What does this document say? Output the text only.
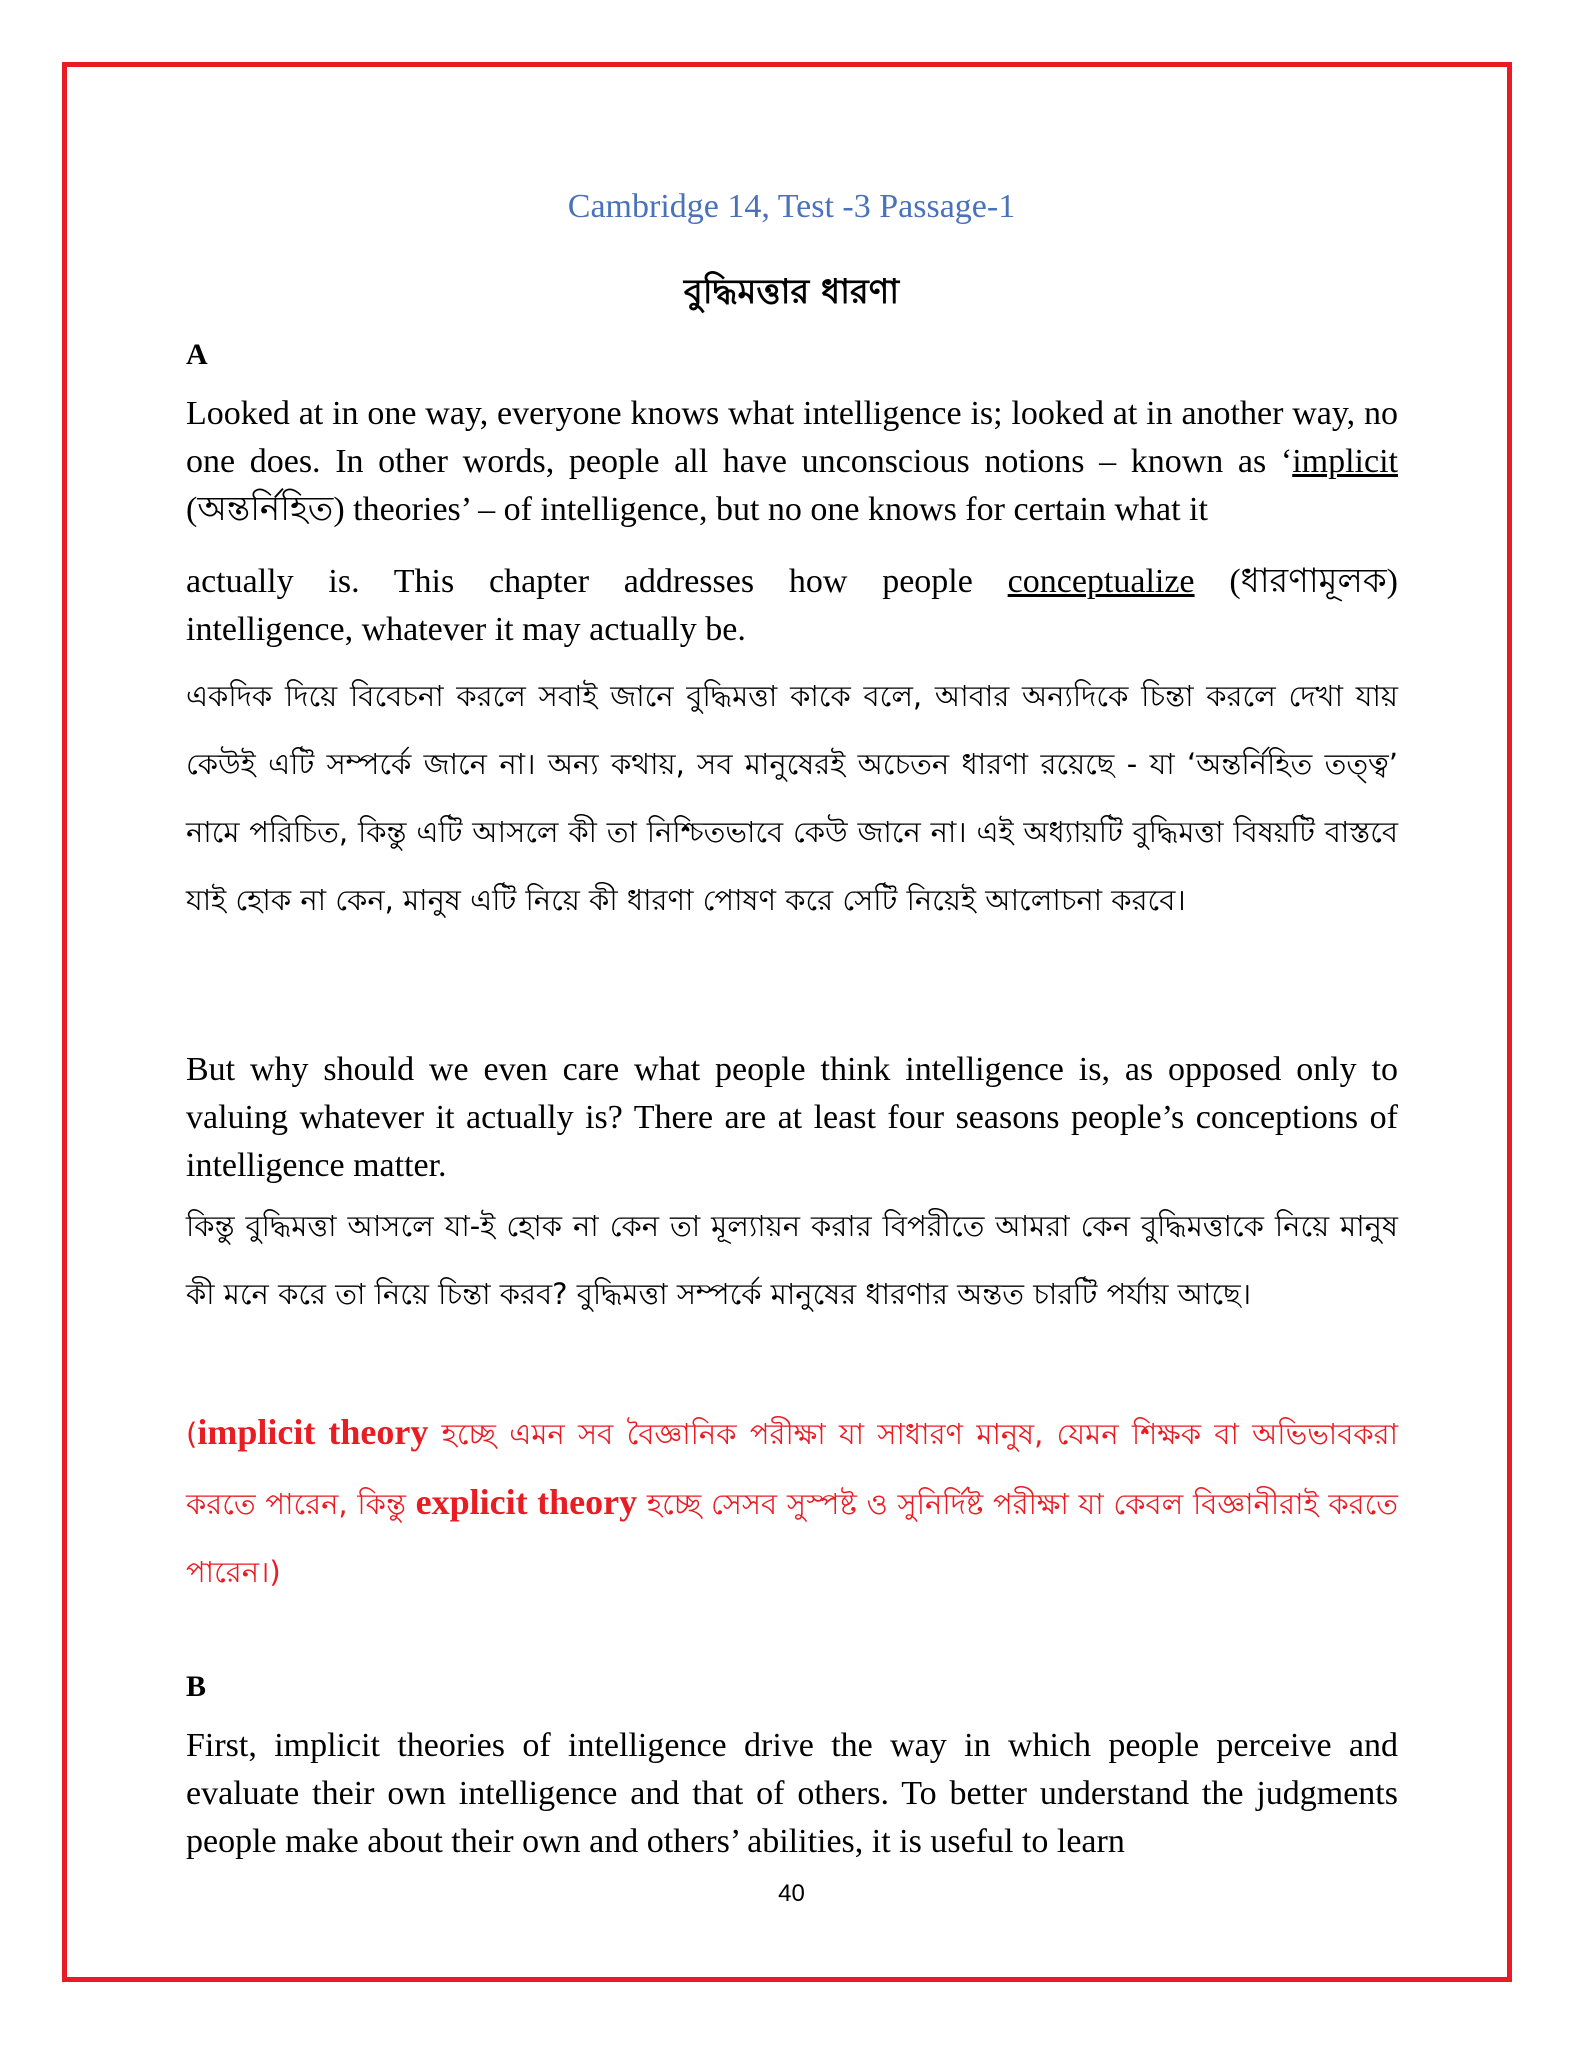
Cambridge 14, Test -3 Passage-1
বুদ্ধিমত্তার ধারণা
A

Looked at in one way, everyone knows what intelligence is; looked at in another way, no one does. In other words, people all have unconscious notions – known as ‘implicit (অন্তর্নিহিত) theories’ – of intelligence, but no one knows for certain what it

actually is. This chapter addresses how people conceptualize (ধারণামূলক)

intelligence, whatever it may actually be.

একদিক দিয়ে বিবেচনা করলে সবাই জানে বুদ্ধিমত্তা কাকে বলে, আবার অন্যদিকে চিন্তা করলে দেখা যায় কেউই এটি সম্পর্কে জানে না। অন্য কথায়, সব মানুষেরই অচেতন ধারণা রয়েছে - যা ‘অন্তর্নিহিত তত্ত্ব’ নামে পরিচিত, কিন্তু এটি আসলে কী তা নিশ্চিতভাবে কেউ জানে না। এই অধ্যায়টি বুদ্ধিমত্তা বিষয়টি বাস্তবে যাই হোক না কেন, মানুষ এটি নিয়ে কী ধারণা পোষণ করে সেটি নিয়েই আলোচনা করবে।

But why should we even care what people think intelligence is, as opposed only to valuing whatever it actually is? There are at least four seasons people’s conceptions of intelligence matter.

কিন্তু বুদ্ধিমত্তা আসলে যা-ই হোক না কেন তা মূল্যায়ন করার বিপরীতে আমরা কেন বুদ্ধিমত্তাকে নিয়ে মানুষ কী মনে করে তা নিয়ে চিন্তা করব? বুদ্ধিমত্তা সম্পর্কে মানুষের ধারণার অন্তত চারটি পর্যায় আছে।

(implicit theory হচ্ছে এমন সব বৈজ্ঞানিক পরীক্ষা যা সাধারণ মানুষ, যেমন শিক্ষক বা অভিভাবকরা করতে পারেন, কিন্তু explicit theory হচ্ছে সেসব সুস্পষ্ট ও সুনির্দিষ্ট পরীক্ষা যা কেবল বিজ্ঞানীরাই করতে পারেন।)

B

First, implicit theories of intelligence drive the way in which people perceive and evaluate their own intelligence and that of others. To better understand the judgments people make about their own and others’ abilities, it is useful to learn

40
